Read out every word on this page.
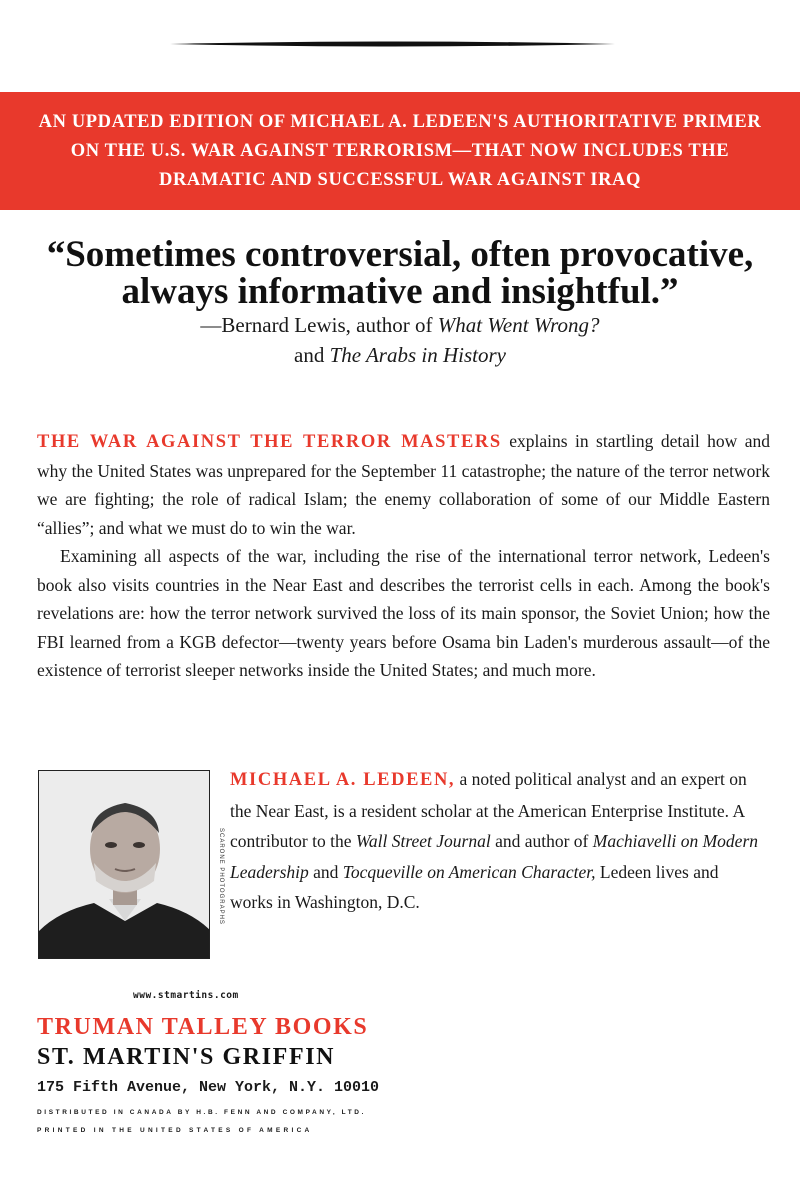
AN UPDATED EDITION OF MICHAEL A. LEDEEN'S AUTHORITATIVE PRIMER
ON THE U.S. WAR AGAINST TERRORISM—THAT NOW INCLUDES THE
DRAMATIC AND SUCCESSFUL WAR AGAINST IRAQ

“Sometimes controversial, often provocative,

always informative and insightful.”

—Bernard Lewis, author of What Went Wrong?

and The Arabs in History

THE WAR AGAINST THE TERROR MASTERS explains in startling detail how and why the United States was unprepared for the September 11 catastrophe; the nature of the terror network we are fighting; the role of radical Islam; the enemy collaboration of some of our Middle Eastern “allies”; and what we must do to win the war.

Examining all aspects of the war, including the rise of the international terror network, Ledeen's book also visits countries in the Near East and describes the terrorist cells in each. Among the book's revelations are: how the terror network survived the loss of its main sponsor, the Soviet Union; how the FBI learned from a KGB defector—twenty years before Osama bin Laden's murderous assault—of the existence of terrorist sleeper networks inside the United States; and much more.

SCARONE PHOTOGRAPHS

MICHAEL A. LEDEEN, a noted political analyst and an expert on the Near East, is a resident scholar at the American Enterprise Institute. A contributor to the Wall Street Journal and author of Machiavelli on Modern Leadership and Tocqueville on American Character, Ledeen lives and works in Washington, D.C.

www.stmartins.com
TRUMAN TALLEY BOOKS
ST. MARTIN'S GRIFFIN
175 Fifth Avenue, New York, N.Y. 10010
DISTRIBUTED IN CANADA BY H.B. FENN AND COMPANY, LTD.
PRINTED IN THE UNITED STATES OF AMERICA
